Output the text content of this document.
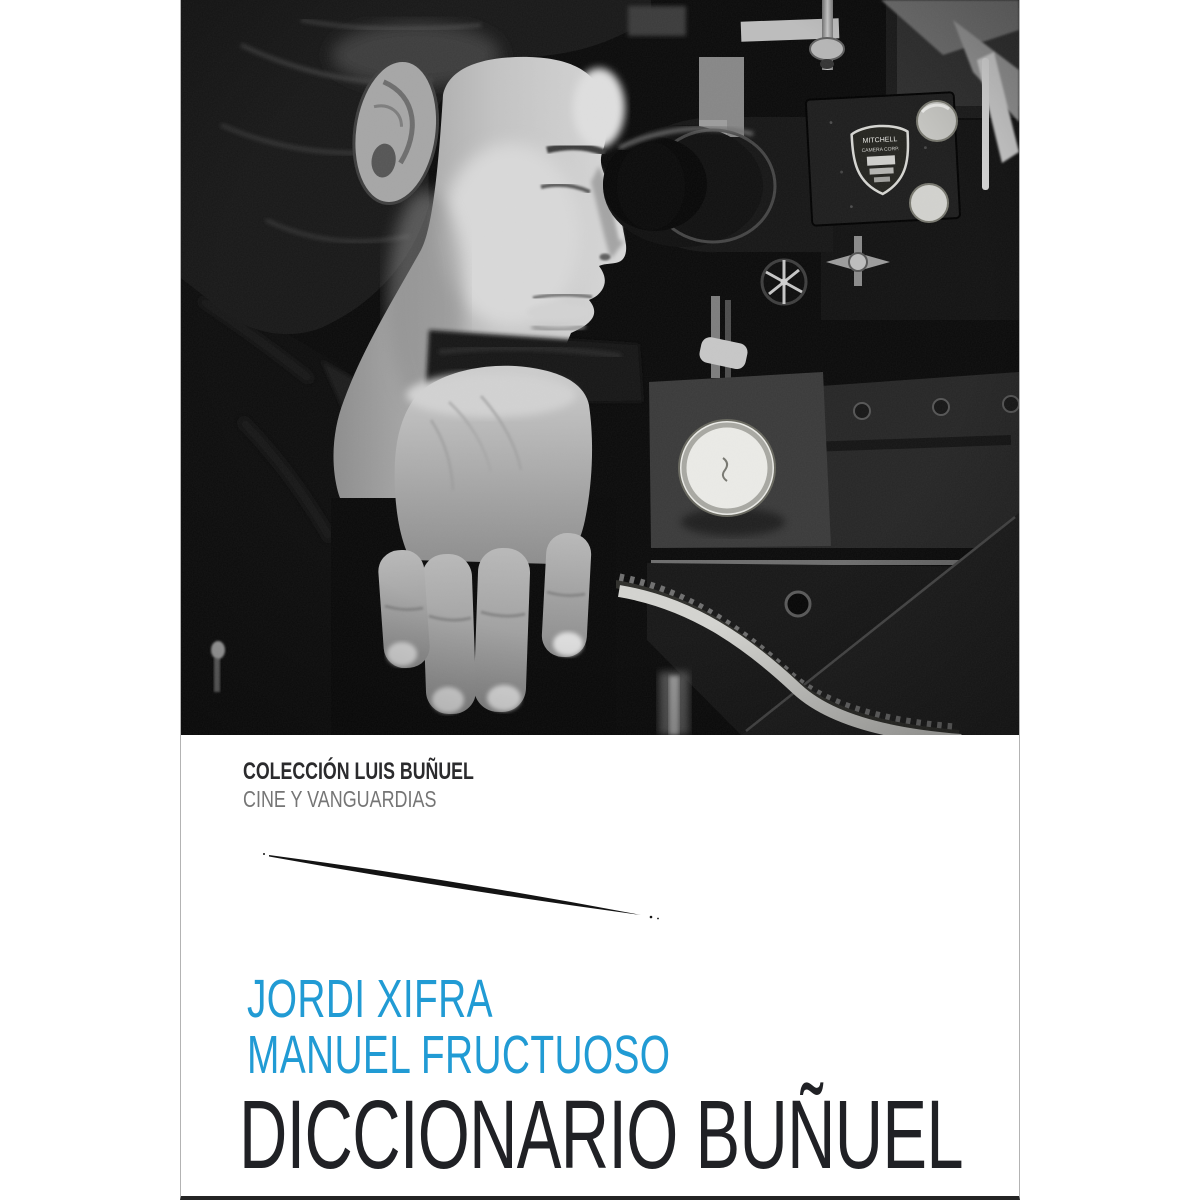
COLECCIÓN LUIS BUÑUEL
CINE Y VANGUARDIAS
JORDI XIFRA
MANUEL FRUCTUOSO
DICCIONARIO BUÑUEL
